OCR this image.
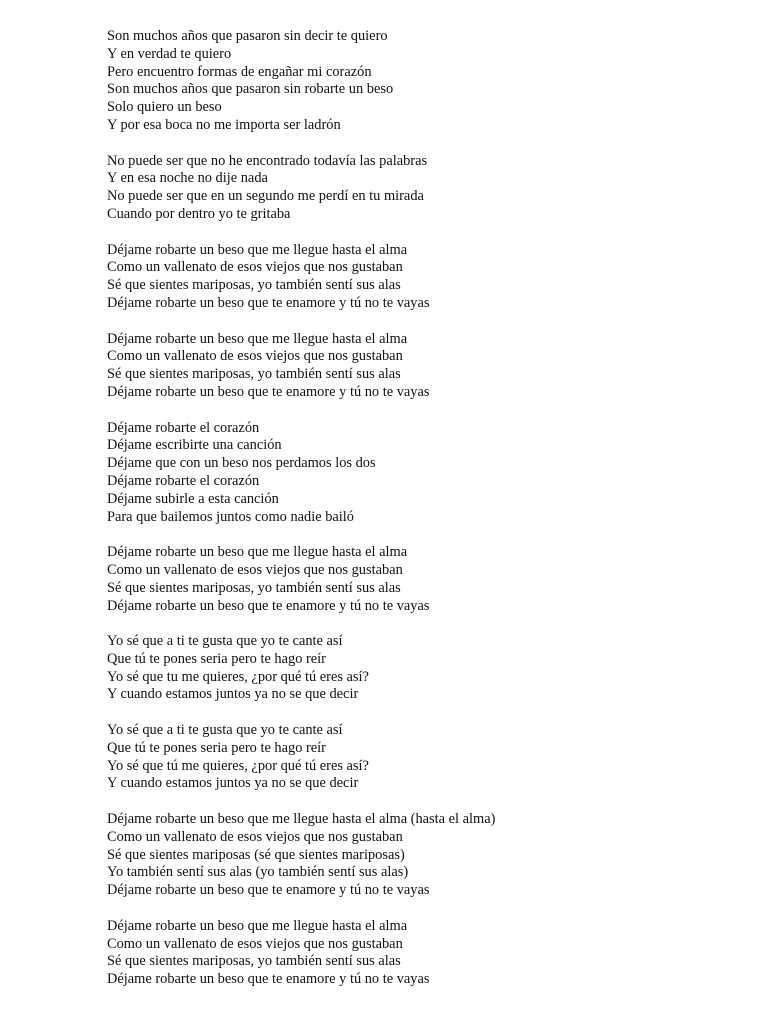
Son muchos años que pasaron sin decir te quiero
Y en verdad te quiero
Pero encuentro formas de engañar mi corazón
Son muchos años que pasaron sin robarte un beso
Solo quiero un beso
Y por esa boca no me importa ser ladrón
No puede ser que no he encontrado todavía las palabras
Y en esa noche no dije nada
No puede ser que en un segundo me perdí en tu mirada
Cuando por dentro yo te gritaba
Déjame robarte un beso que me llegue hasta el alma
Como un vallenato de esos viejos que nos gustaban
Sé que sientes mariposas, yo también sentí sus alas
Déjame robarte un beso que te enamore y tú no te vayas
Déjame robarte un beso que me llegue hasta el alma
Como un vallenato de esos viejos que nos gustaban
Sé que sientes mariposas, yo también sentí sus alas
Déjame robarte un beso que te enamore y tú no te vayas
Déjame robarte el corazón
Déjame escribirte una canción
Déjame que con un beso nos perdamos los dos
Déjame robarte el corazón
Déjame subirle a esta canción
Para que bailemos juntos como nadie bailó
Déjame robarte un beso que me llegue hasta el alma
Como un vallenato de esos viejos que nos gustaban
Sé que sientes mariposas, yo también sentí sus alas
Déjame robarte un beso que te enamore y tú no te vayas
Yo sé que a ti te gusta que yo te cante así
Que tú te pones seria pero te hago reír
Yo sé que tu me quieres, ¿por qué tú eres así?
Y cuando estamos juntos ya no se que decir
Yo sé que a ti te gusta que yo te cante así
Que tú te pones seria pero te hago reír
Yo sé que tú me quieres, ¿por qué tú eres así?
Y cuando estamos juntos ya no se que decir
Déjame robarte un beso que me llegue hasta el alma (hasta el alma)
Como un vallenato de esos viejos que nos gustaban
Sé que sientes mariposas (sé que sientes mariposas)
Yo también sentí sus alas (yo también sentí sus alas)
Déjame robarte un beso que te enamore y tú no te vayas
Déjame robarte un beso que me llegue hasta el alma
Como un vallenato de esos viejos que nos gustaban
Sé que sientes mariposas, yo también sentí sus alas
Déjame robarte un beso que te enamore y tú no te vayas
